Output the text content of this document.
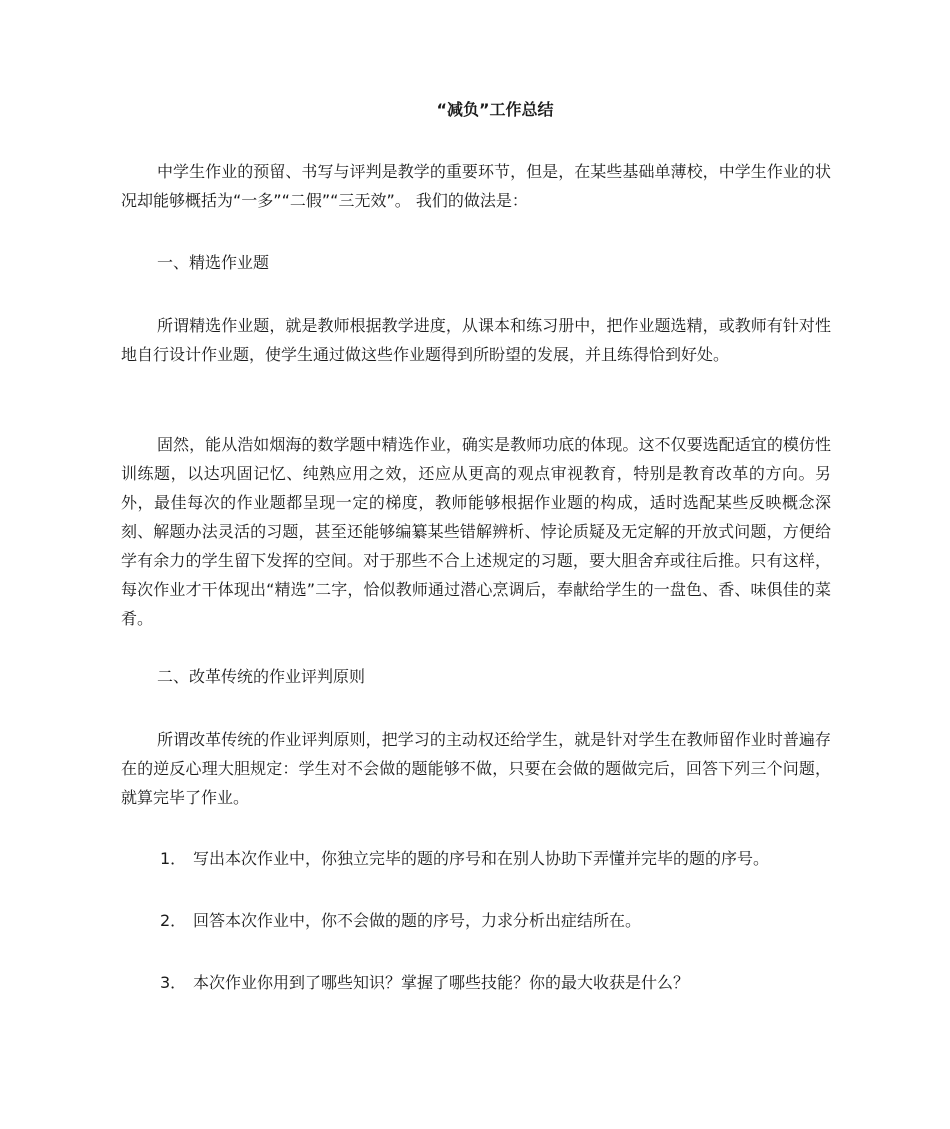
“减负”工作总结

中学生作业的预留、书写与评判是教学的重要环节，但是，在某些基础单薄校，中学生作业的状况却能够概括为“一多”“二假”“三无效”。 我们的做法是：

一、精选作业题

所谓精选作业题，就是教师根据教学进度，从课本和练习册中，把作业题选精，或教师有针对性地自行设计作业题，使学生通过做这些作业题得到所盼望的发展，并且练得恰到好处。

固然，能从浩如烟海的数学题中精选作业，确实是教师功底的体现。这不仅要选配适宜的模仿性训练题，以达巩固记忆、纯熟应用之效，还应从更高的观点审视教育，特别是教育改革的方向。另外，最佳每次的作业题都呈现一定的梯度，教师能够根据作业题的构成，适时选配某些反映概念深刻、解题办法灵活的习题，甚至还能够编纂某些错解辨析、悖论质疑及无定解的开放式问题，方便给学有余力的学生留下发挥的空间。对于那些不合上述规定的习题，要大胆舍弃或往后推。只有这样，每次作业才干体现出“精选”二字，恰似教师通过潜心烹调后，奉献给学生的一盘色、香、味俱佳的菜肴。

二、改革传统的作业评判原则

所谓改革传统的作业评判原则，把学习的主动权还给学生，就是针对学生在教师留作业时普遍存在的逆反心理大胆规定：学生对不会做的题能够不做，只要在会做的题做完后，回答下列三个问题，就算完毕了作业。

1． 写出本次作业中，你独立完毕的题的序号和在别人协助下弄懂并完毕的题的序号。

2． 回答本次作业中，你不会做的题的序号，力求分析出症结所在。

3． 本次作业你用到了哪些知识？掌握了哪些技能？你的最大收获是什么？
